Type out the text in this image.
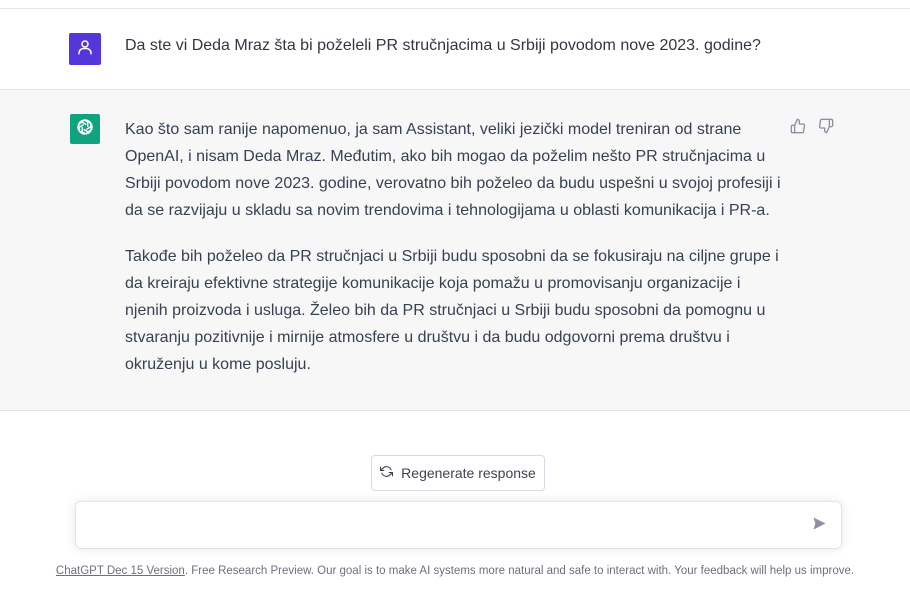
Da ste vi Deda Mraz šta bi poželeli PR stručnjacima u Srbiji povodom nove 2023. godine?

Kao što sam ranije napomenuo, ja sam Assistant, veliki jezički model treniran od strane OpenAI, i nisam Deda Mraz. Međutim, ako bih mogao da poželim nešto PR stručnjacima u Srbiji povodom nove 2023. godine, verovatno bih poželeo da budu uspešni u svojoj profesiji i da se razvijaju u skladu sa novim trendovima i tehnologijama u oblasti komunikacija i PR-a.

Takođe bih poželeo da PR stručnjaci u Srbiji budu sposobni da se fokusiraju na ciljne grupe i da kreiraju efektivne strategije komunikacije koja pomažu u promovisanju organizacije i njenih proizvoda i usluga. Želeo bih da PR stručnjaci u Srbiji budu sposobni da pomognu u stvaranju pozitivnije i mirnije atmosfere u društvu i da budu odgovorni prema društvu i okruženju u kome posluju.

Regenerate response
ChatGPT Dec 15 Version. Free Research Preview. Our goal is to make AI systems more natural and safe to interact with. Your feedback will help us improve.
